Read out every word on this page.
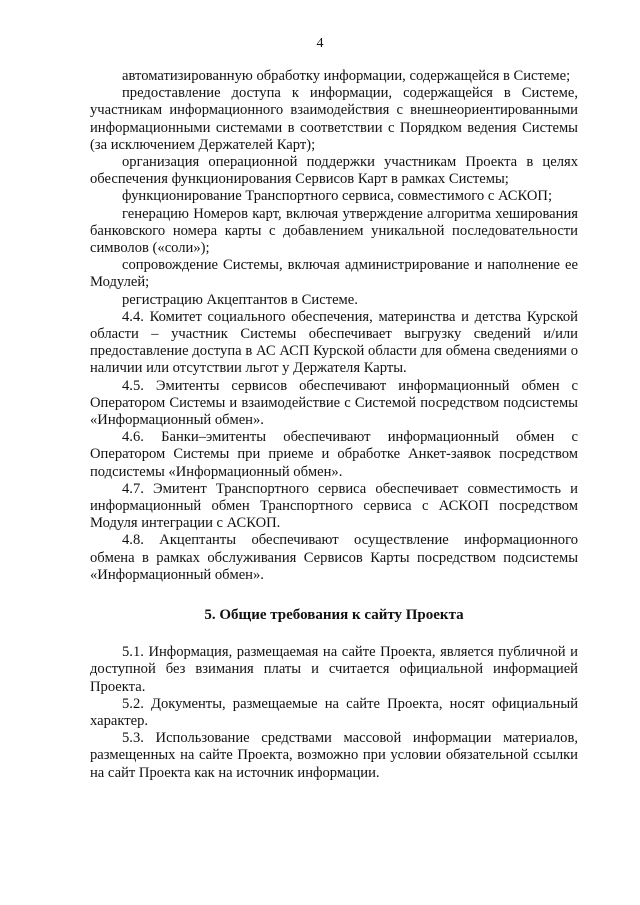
4

автоматизированную обработку информации, содержащейся в Системе;

предоставление доступа к информации, содержащейся в Системе, участникам информационного взаимодействия с внешнеориентированными информационными системами в соответствии с Порядком ведения Системы (за исключением Держателей Карт);

организация операционной поддержки участникам Проекта в целях обеспечения функционирования Сервисов Карт в рамках Системы;

функционирование Транспортного сервиса, совместимого с АСКОП;

генерацию Номеров карт, включая утверждение алгоритма хеширования банковского номера карты с добавлением уникальной последовательности символов («соли»);

сопровождение Системы, включая администрирование и наполнение ее Модулей;

регистрацию Акцептантов в Системе.

4.4. Комитет социального обеспечения, материнства и детства Курской области – участник Системы обеспечивает выгрузку сведений и/или предоставление доступа в АС АСП Курской области для обмена сведениями о наличии или отсутствии льгот у Держателя Карты.

4.5. Эмитенты сервисов обеспечивают информационный обмен с Оператором Системы и взаимодействие с Системой посредством подсистемы «Информационный обмен».

4.6. Банки–эмитенты обеспечивают информационный обмен с Оператором Системы при приеме и обработке Анкет-заявок посредством подсистемы «Информационный обмен».

4.7. Эмитент Транспортного сервиса обеспечивает совместимость и информационный обмен Транспортного сервиса с АСКОП посредством Модуля интеграции с АСКОП.

4.8. Акцептанты обеспечивают осуществление информационного обмена в рамках обслуживания Сервисов Карты посредством подсистемы «Информационный обмен».

5. Общие требования к сайту Проекта

5.1. Информация, размещаемая на сайте Проекта, является публичной и доступной без взимания платы и считается официальной информацией Проекта.

5.2. Документы, размещаемые на сайте Проекта, носят официальный характер.

5.3. Использование средствами массовой информации материалов, размещенных на сайте Проекта, возможно при условии обязательной ссылки на сайт Проекта как на источник информации.
